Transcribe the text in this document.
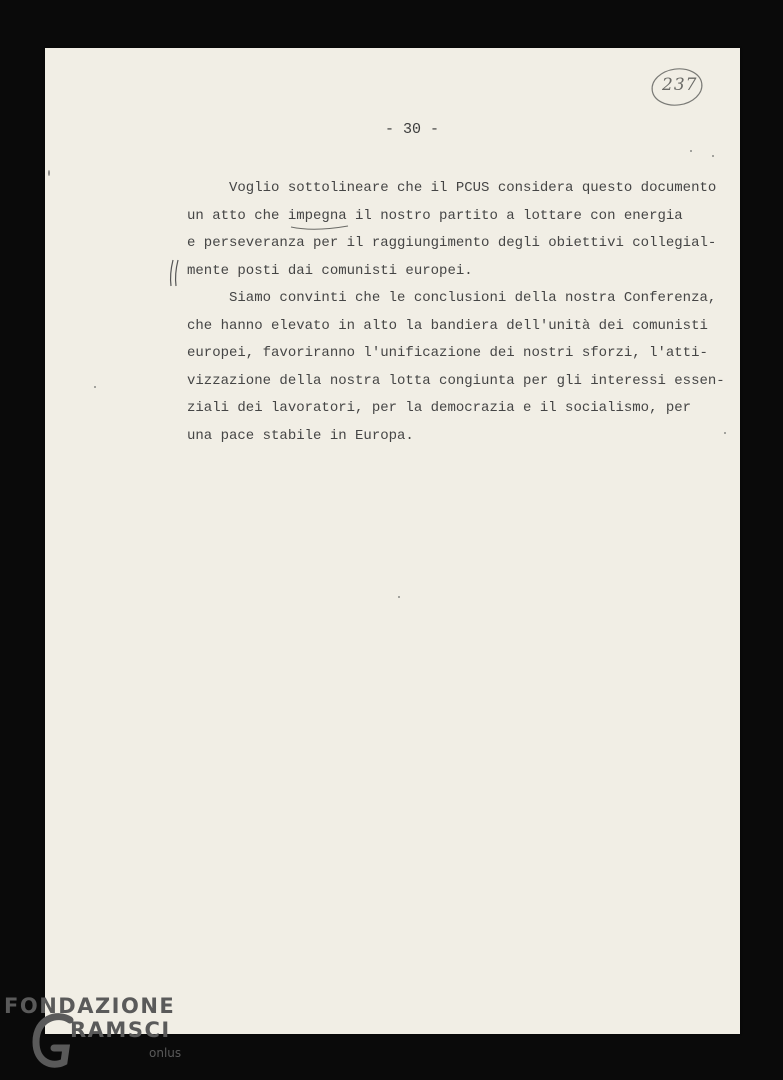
237
- 30 -
Voglio sottolineare che il PCUS considera questo documento
un atto che impegna il nostro partito a lottare con energia
e perseveranza per il raggiungimento degli obiettivi collegial-
mente posti dai comunisti europei.
Siamo convinti che le conclusioni della nostra Conferenza,
che hanno elevato in alto la bandiera dell'unità dei comunisti
europei, favoriranno l'unificazione dei nostri sforzi, l'atti-
vizzazione della nostra lotta congiunta per gli interessi essen-
ziali dei lavoratori, per la democrazia e il socialismo, per
una pace stabile in Europa.
FONDAZIONE
RAMSCI
onlus
